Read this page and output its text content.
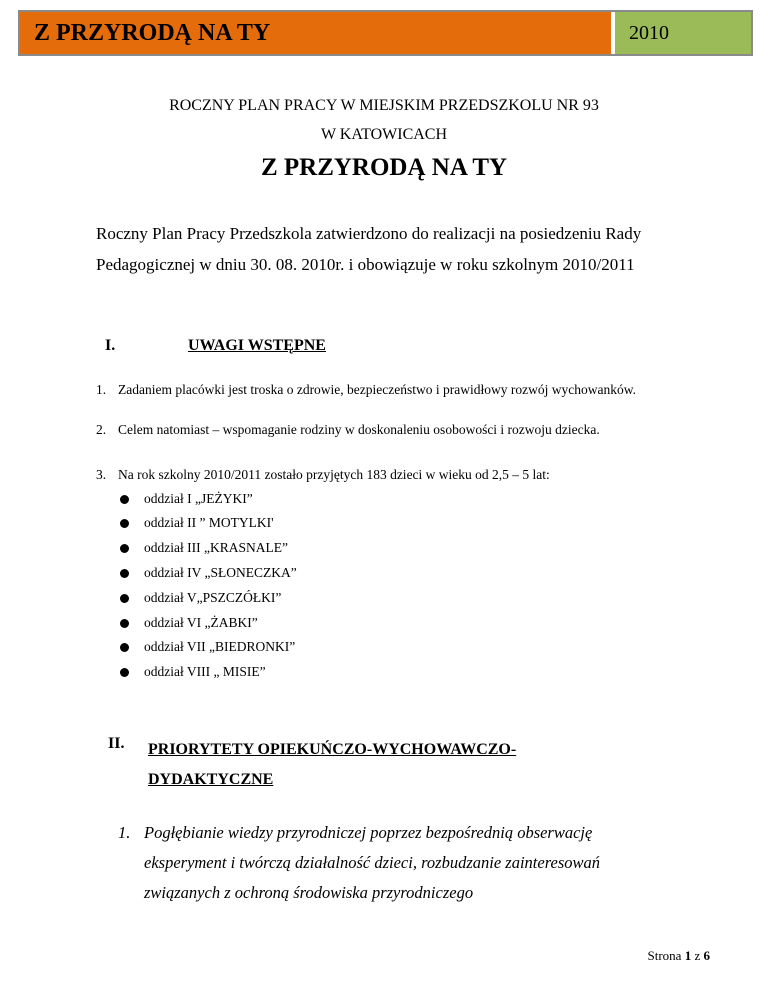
Z PRZYRODĄ NA TY	2010
ROCZNY PLAN PRACY W MIEJSKIM PRZEDSZKOLU NR 93
W KATOWICACH
Z PRZYRODĄ NA TY
Roczny Plan Pracy Przedszkola zatwierdzono do realizacji na posiedzeniu Rady
Pedagogicznej w dniu 30. 08. 2010r. i obowiązuje w roku szkolnym 2010/2011
I.	UWAGI WSTĘPNE
1. Zadaniem placówki jest troska o zdrowie, bezpieczeństwo i prawidłowy rozwój wychowanków.
2. Celem natomiast – wspomaganie rodziny w doskonaleniu osobowości i rozwoju dziecka.
3. Na rok szkolny 2010/2011 zostało przyjętych 183 dzieci w wieku od 2,5 – 5 lat:
oddział I „JEŻYKI”
oddział II ” MOTYLKI'
oddział III „KRASNALE”
oddział IV „SŁONECZKA”
oddział V„PSZCZÓŁKI”
oddział VI „ŻABKI”
oddział VII „BIEDRONKI”
oddział VIII „ MISIE”
II. PRIORYTETY OPIEKUŃCZO-WYCHOWAWCZO-
DYDAKTYCZNE
1. Pogłębianie wiedzy przyrodniczej poprzez bezpośrednią obserwację
eksperyment i twórczą działalność dzieci, rozbudzanie zainteresowań
związanych z ochroną środowiska przyrodniczego
Strona 1 z 6
